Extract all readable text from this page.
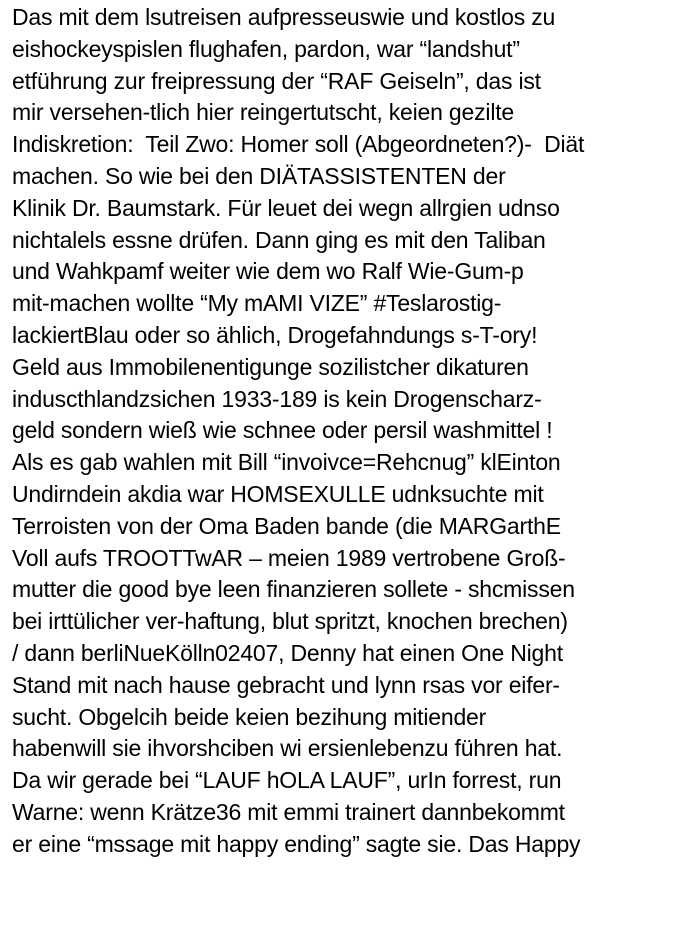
Das mit dem lsutreisen aufpresseuswie und kostlos zu
eishockeyspislen flughafen, pardon, war “landshut”
etführung zur freipressung der “RAF Geiseln”, das ist
mir versehen-tlich hier reingertutscht, keien gezilte
Indiskretion:  Teil Zwo: Homer soll (Abgeordneten?)-  Diät
machen. So wie bei den DIÄTASSISTENTEN der
Klinik Dr. Baumstark. Für leuet dei wegn allrgien udnso
nichtalels essne drüfen. Dann ging es mit den Taliban
und Wahkpamf weiter wie dem wo Ralf Wie-Gum-p
mit-machen wollte “My mAMI VIZE” #Teslarostig-
lackiertBlau oder so ählich, Drogefahndungs s-T-ory!
Geld aus Immobilenentigunge sozilistcher dikaturen
induscthlandzsichen 1933-189 is kein Drogenscharz-
geld sondern wieß wie schnee oder persil washmittel !
Als es gab wahlen mit Bill “invoivce=Rehcnug” klEinton
Undirndein akdia war HOMSEXULLE udnksuchte mit
Terroisten von der Oma Baden bande (die MARGarthE
Voll aufs TROOTTwAR – meien 1989 vertrobene Groß-
mutter die good bye leen finanzieren sollete - shcmissen
bei irttülicher ver-haftung, blut spritzt, knochen brechen)
/ dann berliNueKölln02407, Denny hat einen One Night
Stand mit nach hause gebracht und lynn rsas vor eifer-
sucht. Obgelcih beide keien bezihung mitiender
habenwill sie ihvorshciben wi ersienlebenzu führen hat.
Da wir gerade bei “LAUF hOLA LAUF”, urIn forrest, run
Warne: wenn Krätze36 mit emmi trainert dannbekommt
er eine “mssage mit happy ending” sagte sie. Das Happy
